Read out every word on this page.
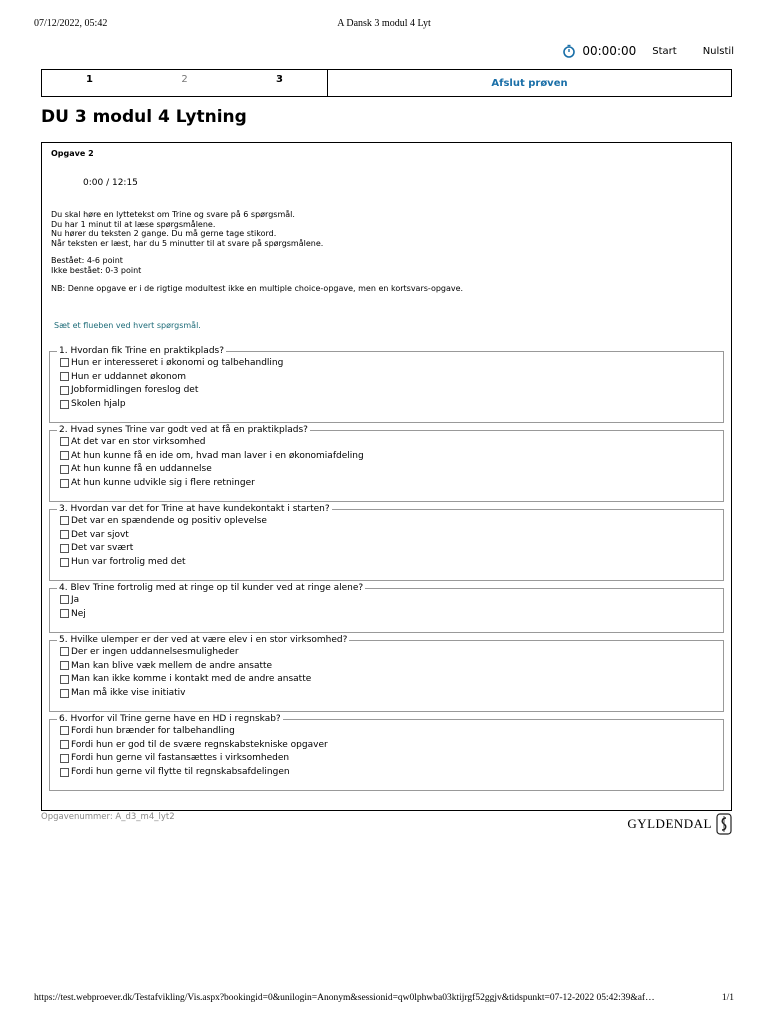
07/12/2022, 05:42	A Dansk 3 modul 4 Lyt
00:00:00 Start	Nulstil
1	2	3	Afslut prøven
DU 3 modul 4 Lytning
Opgave 2
0:00 / 12:15

Du skal høre en lyttetekst om Trine og svare på 6 spørgsmål.

Du har 1 minut til at læse spørgsmålene.

Nu hører du teksten 2 gange. Du må gerne tage stikord.

Når teksten er læst, har du 5 minutter til at svare på spørgsmålene.

Bestået: 4-6 point

Ikke bestået: 0-3 point

NB: Denne opgave er i de rigtige modultest ikke en multiple choice-opgave, men en kortsvars-opgave.

Sæt et flueben ved hvert spørgsmål.
1. Hvordan fik Trine en praktikplads?
Hun er interesseret i økonomi og talbehandling
Hun er uddannet økonom
Jobformidlingen foreslog det
Skolen hjalp
2. Hvad synes Trine var godt ved at få en praktikplads?
At det var en stor virksomhed
At hun kunne få en ide om, hvad man laver i en økonomiafdeling
At hun kunne få en uddannelse
At hun kunne udvikle sig i flere retninger
3. Hvordan var det for Trine at have kundekontakt i starten?
Det var en spændende og positiv oplevelse
Det var sjovt
Det var svært
Hun var fortrolig med det
4. Blev Trine fortrolig med at ringe op til kunder ved at ringe alene?
Ja
Nej
5. Hvilke ulemper er der ved at være elev i en stor virksomhed?
Der er ingen uddannelsesmuligheder
Man kan blive væk mellem de andre ansatte
Man kan ikke komme i kontakt med de andre ansatte
Man må ikke vise initiativ
6. Hvorfor vil Trine gerne have en HD i regnskab?
Fordi hun brænder for talbehandling
Fordi hun er god til de svære regnskabstekniske opgaver
Fordi hun gerne vil fastansættes i virksomheden
Fordi hun gerne vil flytte til regnskabsafdelingen
Opgavenummer: A_d3_m4_lyt2	GYLDENDAL
https://test.webproever.dk/Testafvikling/Vis.aspx?bookingid=0&unilogin=Anonym&sessionid=qw0lphwba03ktijrgf52ggjv&tidspunkt=07-12-2022 05:42:39&af…	1/1
